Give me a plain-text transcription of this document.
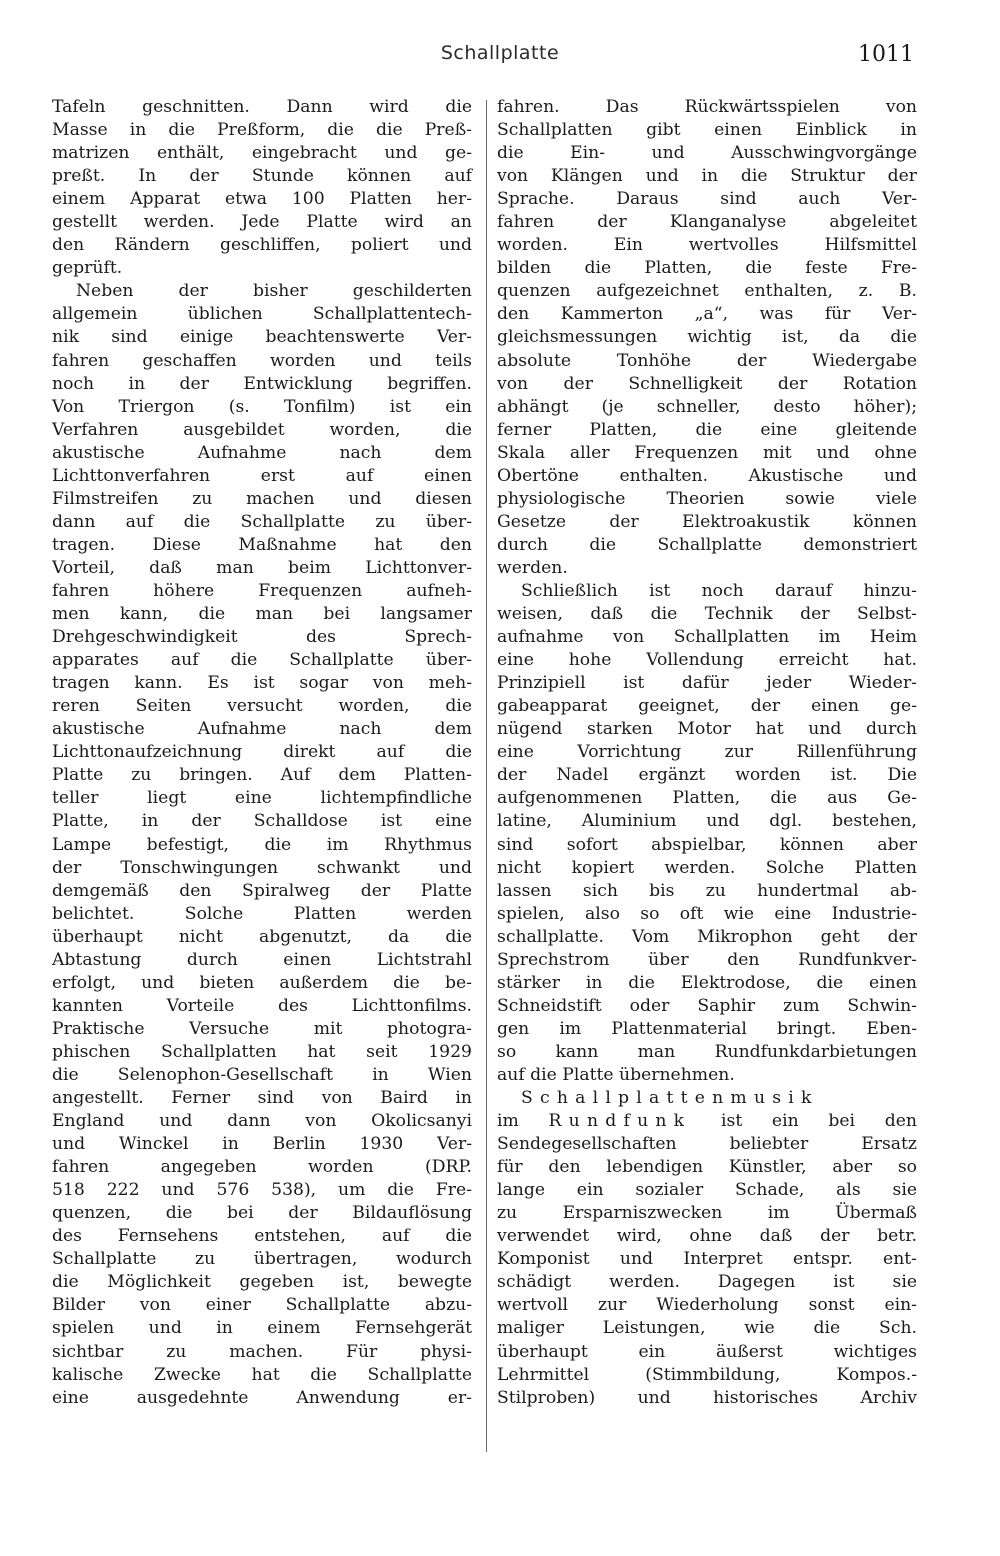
Schallplatte	1011
Tafeln geschnitten. Dann wird die
Masse in die Preßform, die die Preß-
matrizen enthält, eingebracht und ge-
preßt. In der Stunde können auf
einem Apparat etwa 100 Platten her-
gestellt werden. Jede Platte wird an
den Rändern geschliffen, poliert und
geprüft.
Neben der bisher geschilderten
allgemein üblichen Schallplattentech-
nik sind einige beachtenswerte Ver-
fahren geschaffen worden und teils
noch in der Entwicklung begriffen.
Von Triergon (s. Tonfilm) ist ein
Verfahren ausgebildet worden, die
akustische Aufnahme nach dem
Lichttonverfahren erst auf einen
Filmstreifen zu machen und diesen
dann auf die Schallplatte zu über-
tragen. Diese Maßnahme hat den
Vorteil, daß man beim Lichttonver-
fahren höhere Frequenzen aufneh-
men kann, die man bei langsamer
Drehgeschwindigkeit des Sprech-
apparates auf die Schallplatte über-
tragen kann. Es ist sogar von meh-
reren Seiten versucht worden, die
akustische Aufnahme nach dem
Lichttonaufzeichnung direkt auf die
Platte zu bringen. Auf dem Platten-
teller liegt eine lichtempfindliche
Platte, in der Schalldose ist eine
Lampe befestigt, die im Rhythmus
der Tonschwingungen schwankt und
demgemäß den Spiralweg der Platte
belichtet. Solche Platten werden
überhaupt nicht abgenutzt, da die
Abtastung durch einen Lichtstrahl
erfolgt, und bieten außerdem die be-
kannten Vorteile des Lichttonfilms.
Praktische Versuche mit photogra-
phischen Schallplatten hat seit 1929
die Selenophon-Gesellschaft in Wien
angestellt. Ferner sind von Baird in
England und dann von Okolicsanyi
und Winckel in Berlin 1930 Ver-
fahren angegeben worden (DRP.
518 222 und 576 538), um die Fre-
quenzen, die bei der Bildauflösung
des Fernsehens entstehen, auf die
Schallplatte zu übertragen, wodurch
die Möglichkeit gegeben ist, bewegte
Bilder von einer Schallplatte abzu-
spielen und in einem Fernsehgerät
sichtbar zu machen. Für physi-
kalische Zwecke hat die Schallplatte
eine ausgedehnte Anwendung er-
fahren. Das Rückwärtsspielen von
Schallplatten gibt einen Einblick in
die Ein- und Ausschwingvorgänge
von Klängen und in die Struktur der
Sprache. Daraus sind auch Ver-
fahren der Klanganalyse abgeleitet
worden. Ein wertvolles Hilfsmittel
bilden die Platten, die feste Fre-
quenzen aufgezeichnet enthalten, z. B.
den Kammerton „a“, was für Ver-
gleichsmessungen wichtig ist, da die
absolute Tonhöhe der Wiedergabe
von der Schnelligkeit der Rotation
abhängt (je schneller, desto höher);
ferner Platten, die eine gleitende
Skala aller Frequenzen mit und ohne
Obertöne enthalten. Akustische und
physiologische Theorien sowie viele
Gesetze der Elektroakustik können
durch die Schallplatte demonstriert
werden.
Schließlich ist noch darauf hinzu-
weisen, daß die Technik der Selbst-
aufnahme von Schallplatten im Heim
eine hohe Vollendung erreicht hat.
Prinzipiell ist dafür jeder Wieder-
gabeapparat geeignet, der einen ge-
nügend starken Motor hat und durch
eine Vorrichtung zur Rillenführung
der Nadel ergänzt worden ist. Die
aufgenommenen Platten, die aus Ge-
latine, Aluminium und dgl. bestehen,
sind sofort abspielbar, können aber
nicht kopiert werden. Solche Platten
lassen sich bis zu hundertmal ab-
spielen, also so oft wie eine Industrie-
schallplatte. Vom Mikrophon geht der
Sprechstrom über den Rundfunkver-
stärker in die Elektrodose, die einen
Schneidstift oder Saphir zum Schwin-
gen im Plattenmaterial bringt. Eben-
so kann man Rundfunkdarbietungen
auf die Platte übernehmen.
Schallplattenmusik
im Rundfunk ist ein bei den
Sendegesellschaften beliebter Ersatz
für den lebendigen Künstler, aber so
lange ein sozialer Schade, als sie
zu Ersparniszwecken im Übermaß
verwendet wird, ohne daß der betr.
Komponist und Interpret entspr. ent-
schädigt werden. Dagegen ist sie
wertvoll zur Wiederholung sonst ein-
maliger Leistungen, wie die Sch.
überhaupt ein äußerst wichtiges
Lehrmittel (Stimmbildung, Kompos.-
Stilproben) und historisches Archiv
